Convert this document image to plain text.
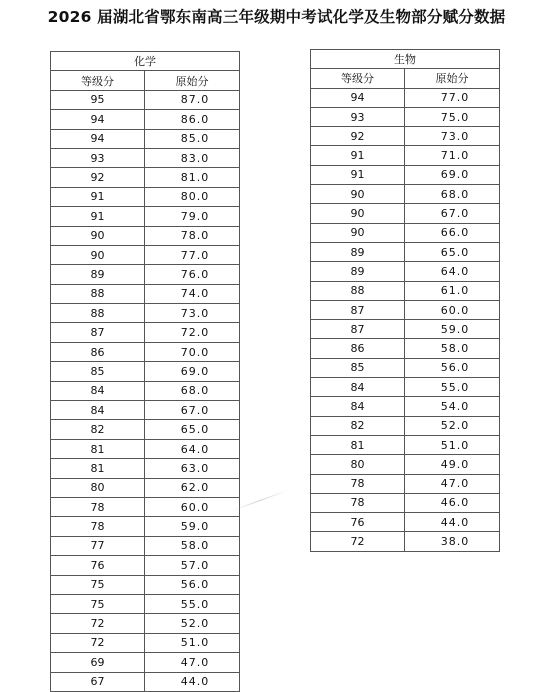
2026 届湖北省鄂东南高三年级期中考试化学及生物部分赋分数据
化学	
等级分	原始分
95	87.0
94	86.0
94	85.0
93	83.0
92	81.0
91	80.0
91	79.0
90	78.0
90	77.0
89	76.0
88	74.0
88	73.0
87	72.0
86	70.0
85	69.0
84	68.0
84	67.0
82	65.0
81	64.0
81	63.0
80	62.0
78	60.0
78	59.0
77	58.0
76	57.0
75	56.0
75	55.0
72	52.0
72	51.0
69	47.0
67	44.0
生物	
等级分	原始分
94	77.0
93	75.0
92	73.0
91	71.0
91	69.0
90	68.0
90	67.0
90	66.0
89	65.0
89	64.0
88	61.0
87	60.0
87	59.0
86	58.0
85	56.0
84	55.0
84	54.0
82	52.0
81	51.0
80	49.0
78	47.0
78	46.0
76	44.0
72	38.0
